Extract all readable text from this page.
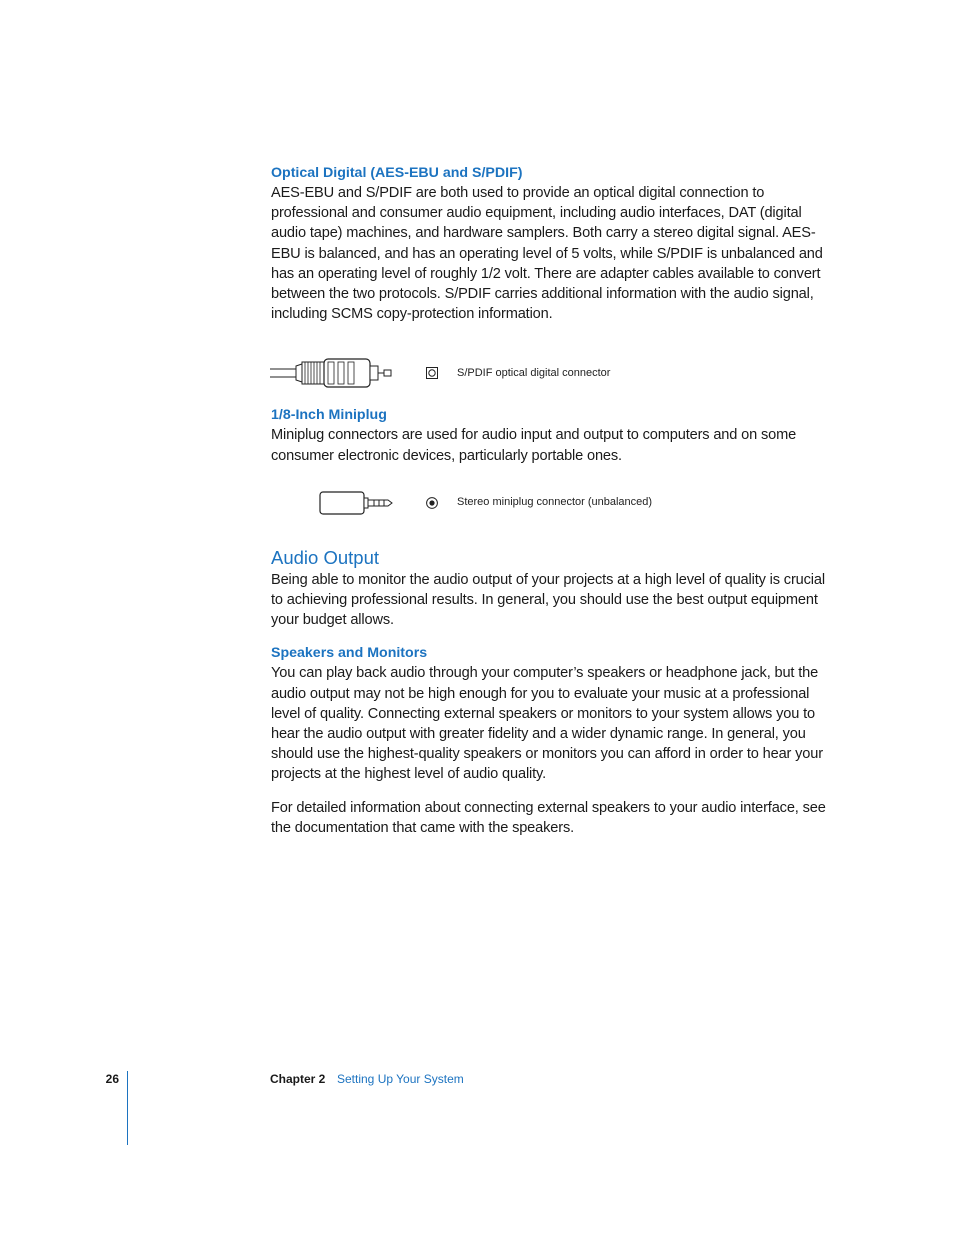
Optical Digital (AES-EBU and S/PDIF)

AES-EBU and S/PDIF are both used to provide an optical digital connection to professional and consumer audio equipment, including audio interfaces, DAT (digital audio tape) machines, and hardware samplers. Both carry a stereo digital signal. AES-EBU is balanced, and has an operating level of 5 volts, while S/PDIF is unbalanced and has an operating level of roughly 1/2 volt. There are adapter cables available to convert between the two protocols. S/PDIF carries additional information with the audio signal, including SCMS copy-protection information.

S/PDIF optical digital connector
1/8-Inch Miniplug

Miniplug connectors are used for audio input and output to computers and on some consumer electronic devices, particularly portable ones.

Stereo miniplug connector (unbalanced)
Audio Output

Being able to monitor the audio output of your projects at a high level of quality is crucial to achieving professional results. In general, you should use the best output equipment your budget allows.

Speakers and Monitors

You can play back audio through your computer’s speakers or headphone jack, but the audio output may not be high enough for you to evaluate your music at a professional level of quality. Connecting external speakers or monitors to your system allows you to hear the audio output with greater fidelity and a wider dynamic range. In general, you should use the highest-quality speakers or monitors you can afford in order to hear your projects at the highest level of audio quality.

For detailed information about connecting external speakers to your audio interface, see the documentation that came with the speakers.

26	Chapter 2 Setting Up Your System
